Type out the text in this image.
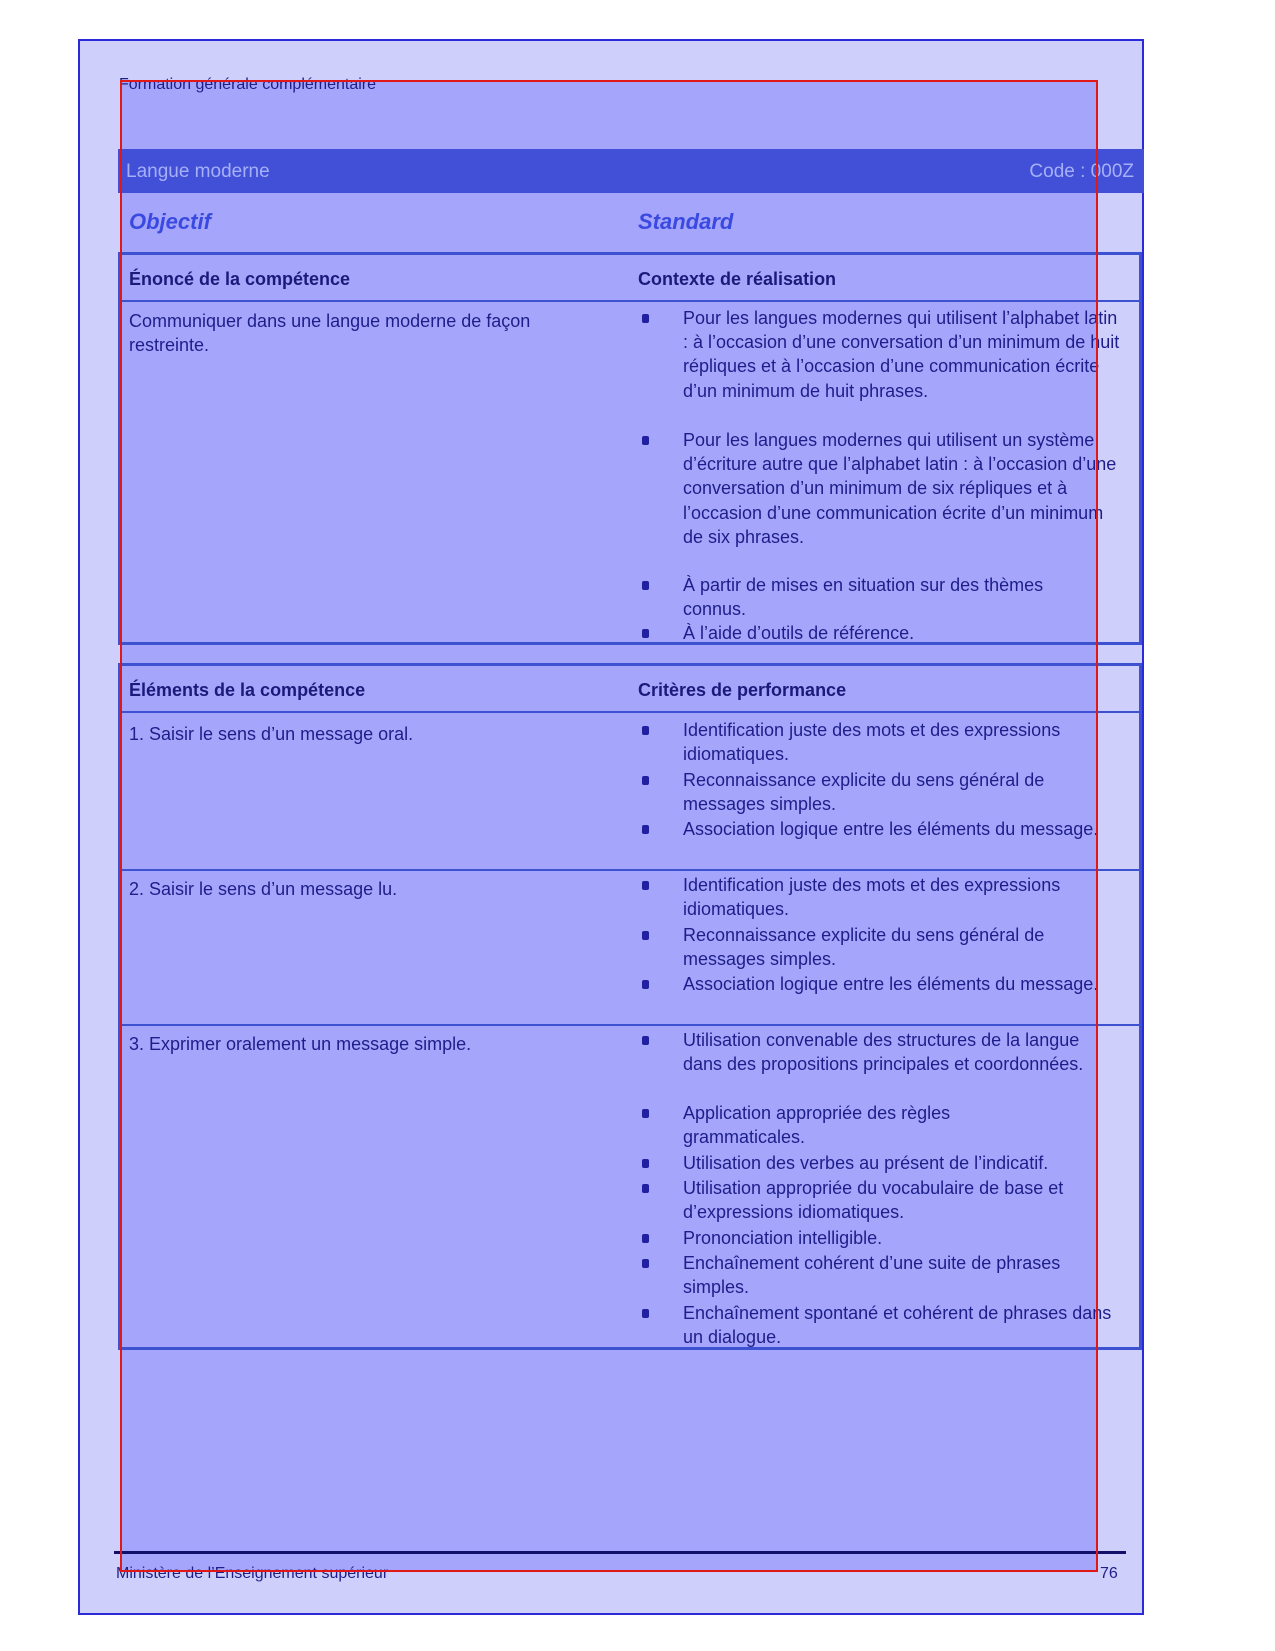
Formation générale complémentaire
Langue moderne	Code : 000Z
Objectif	Standard
Énoncé de la compétence	Contexte de réalisation
Communiquer dans une langue moderne de façon restreinte.
Pour les langues modernes qui utilisent l’alphabet latin : à l’occasion d’une conversation d’un minimum de huit répliques et à l’occasion d’une communication écrite d’un minimum de huit phrases.
Pour les langues modernes qui utilisent un système d’écriture autre que l’alphabet latin : à l’occasion d’une conversation d’un minimum de six répliques et à l’occasion d’une communication écrite d’un minimum de six phrases.
À partir de mises en situation sur des thèmes connus.
À l’aide d’outils de référence.
Éléments de la compétence	Critères de performance
1. Saisir le sens d’un message oral.	Identification juste des mots et des expressions idiomatiques.
Reconnaissance explicite du sens général de messages simples.
Association logique entre les éléments du message.
2. Saisir le sens d’un message lu.	Identification juste des mots et des expressions idiomatiques.
Reconnaissance explicite du sens général de messages simples.
Association logique entre les éléments du message.
3. Exprimer oralement un message simple.	Utilisation convenable des structures de la langue dans des propositions principales et coordonnées.
Application appropriée des règles grammaticales.
Utilisation des verbes au présent de l’indicatif.
Utilisation appropriée du vocabulaire de base et d’expressions idiomatiques.
Prononciation intelligible.
Enchaînement cohérent d’une suite de phrases simples.
Enchaînement spontané et cohérent de phrases dans un dialogue.
Ministère de l’Enseignement supérieur	76
